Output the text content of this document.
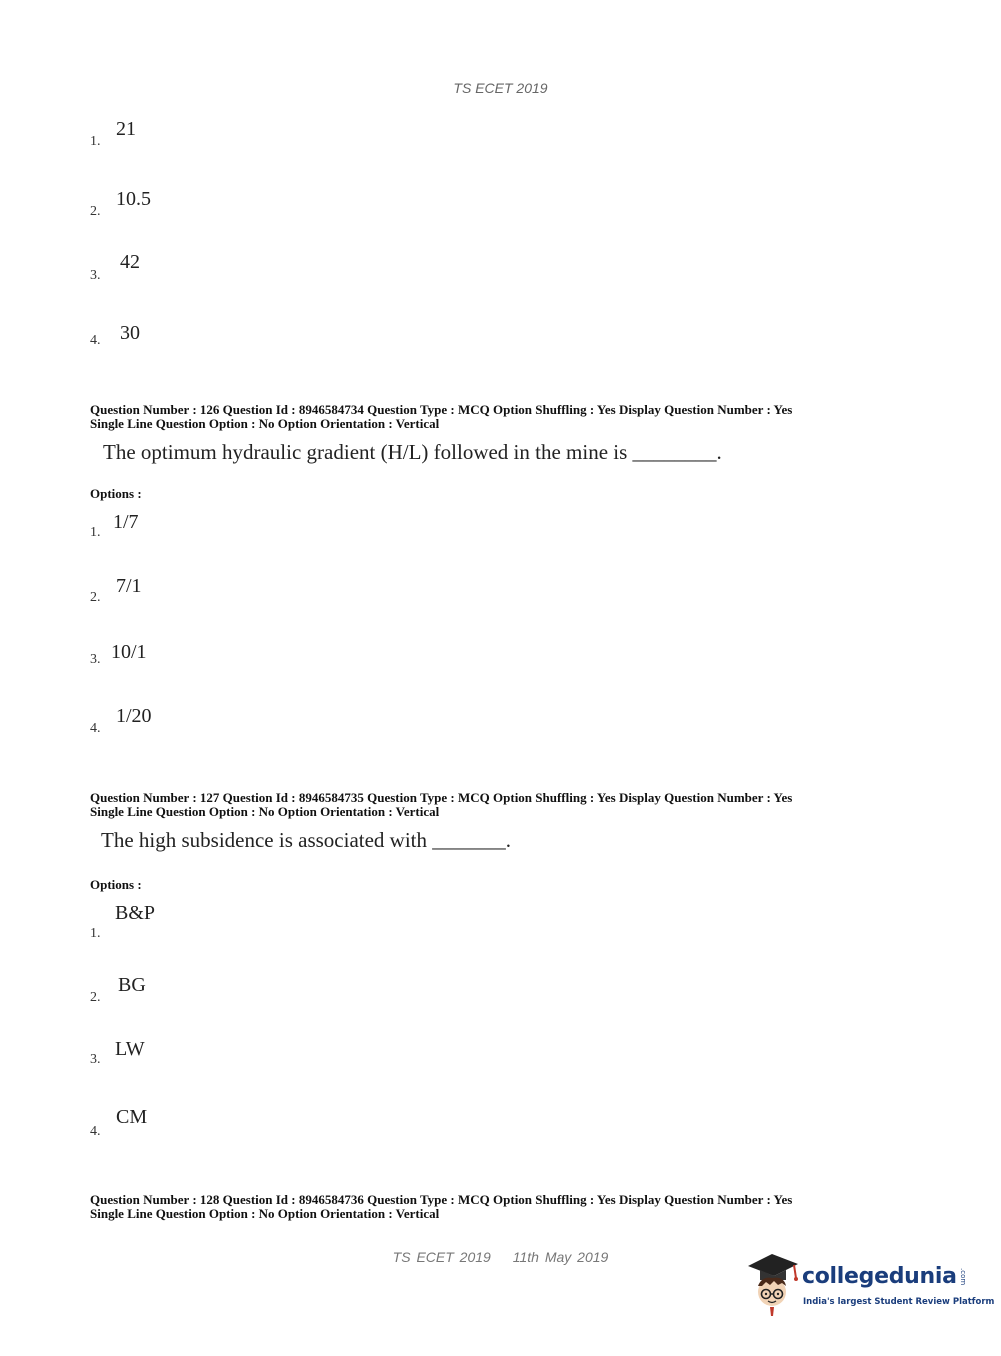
TS ECET 2019
1.
21
2.
10.5
3.
42
4. 30
Question Number : 126 Question Id : 8946584734 Question Type : MCQ Option Shuffling : Yes Display Question Number : Yes
Single Line Question Option : No Option Orientation : Vertical
The optimum hydraulic gradient (H/L) followed in the mine is ________.
Options :
1. 1/7
2.
7/1
3. 10/1
4.
1/20
Question Number : 127 Question Id : 8946584735 Question Type : MCQ Option Shuffling : Yes Display Question Number : Yes
Single Line Question Option : No Option Orientation : Vertical
The high subsidence is associated with _______.
Options :
1.
B&P
2.
BG
3. LW
4.
CM
Question Number : 128 Question Id : 8946584736 Question Type : MCQ Option Shuffling : Yes Display Question Number : Yes
Single Line Question Option : No Option Orientation : Vertical
TS ECET 2019 11th May 2019
collegedunia .com
India's largest Student Review Platform
